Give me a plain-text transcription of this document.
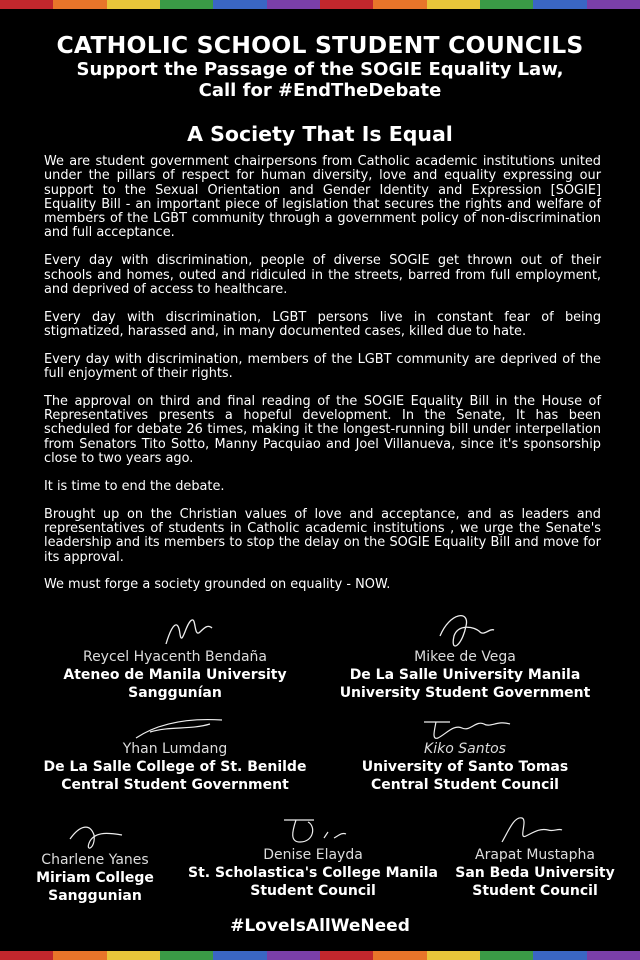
CATHOLIC SCHOOL STUDENT COUNCILS
Support the Passage of the SOGIE Equality Law,
Call for #EndTheDebate
A Society That Is Equal

We are student government chairpersons from Catholic academic institutions united under the pillars of respect for human diversity, love and equality expressing our support to the Sexual Orientation and Gender Identity and Expression [SOGIE] Equality Bill - an important piece of legislation that secures the rights and welfare of members of the LGBT community through a government policy of non-discrimination and full acceptance.

Every day with discrimination, people of diverse SOGIE get thrown out of their schools and homes, outed and ridiculed in the streets, barred from full employment, and deprived of access to healthcare.

Every day with discrimination, LGBT persons live in constant fear of being stigmatized, harassed and, in many documented cases, killed due to hate.

Every day with discrimination, members of the LGBT community are deprived of the full enjoyment of their rights.

The approval on third and final reading of the SOGIE Equality Bill in the House of Representatives presents a hopeful development. In the Senate, It has been scheduled for debate 26 times, making it the longest-running bill under interpellation from Senators Tito Sotto, Manny Pacquiao and Joel Villanueva, since it's sponsorship close to two years ago.

It is time to end the debate.

Brought up on the Christian values of love and acceptance, and as leaders and representatives of students in Catholic academic institutions , we urge the Senate's leadership and its members to stop the delay on the SOGIE Equality Bill and move for its approval.

We must forge a society grounded on equality - NOW.

Reycel Hyacenth Bendaña
Ateneo de Manila University
Sanggunían
Mikee de Vega
De La Salle University Manila
University Student Government
Yhan Lumdang
De La Salle College of St. Benilde
Central Student Government
Kiko Santos
University of Santo Tomas
Central Student Council
Charlene Yanes
Miriam College
Sanggunian
Denise Elayda
St. Scholastica's College Manila
Student Council
Arapat Mustapha
San Beda University
Student Council
#LoveIsAllWeNeed
